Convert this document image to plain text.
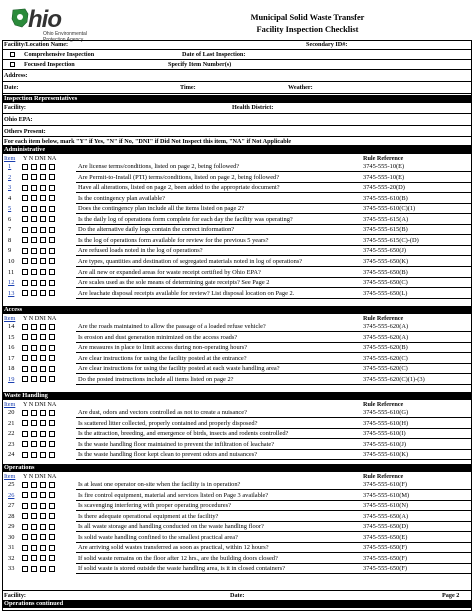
hio
Ohio Environmental
Protection Agency
Municipal Solid Waste Transfer
Facility Inspection Checklist
Facility/Location Name:	Secondary ID#:
Comprehensive Inspection	Date of Last Inspection:
Focused Inspection	Specify Item Number(s)
Address:
Date:	Time:	Weather:
Inspection Representatives
Facility:	Health District:
Ohio EPA:
Others Present:
For each item below, mark "Y" if Yes, "N" if No, "DNI" if Did Not Inspect this item, "NA" if Not Applicable
Administrative
Item Y N DNI NA	Rule Reference
1	Are license terms/conditions, listed on page 2, being followed?	3745-555-10(E)
2	Are Permit-to-Install (PTI) terms/conditions, listed on page 2, being followed?	3745-555-10(E)
3	Have all alterations, listed on page 2, been added to the appropriate document?	3745-555-20(D)
4	Is the contingency plan available?	3745-555-610(B)
5	Does the contingency plan include all the items listed on page 2?	3745-555-610(C)(1)
6	Is the daily log of operations form complete for each day the facility was operating?	3745-555-615(A)
7	Do the alternative daily logs contain the correct information?	3745-555-615(B)
8	Is the log of operations form available for review for the previous 5 years?	3745-555-615(C)-(D)
9	Are refused loads noted in the log of operations?	3745-555-650(J)
10	Are types, quantities and destination of segregated materials noted in log of operations?	3745-555-650(K)
11	Are all new or expanded areas for waste receipt certified by Ohio EPA?	3745-555-650(B)
12	Are scales used as the sole means of determining gate receipts? See Page 2	3745-555-650(C)
13	Are leachate disposal receipts available for review? List disposal location on Page 2.	3745-555-650(L)
Access
Item Y N DNI NA	Rule Reference
14	Are the roads maintained to allow the passage of a loaded refuse vehicle?	3745-555-620(A)
15	Is erosion and dust generation minimized on the access roads?	3745-555-620(A)
16	Are measures in place to limit access during non-operating hours?	3745-555-620(B)
17	Are clear instructions for using the facility posted at the entrance?	3745-555-620(C)
18	Are clear instructions for using the facility posted at each waste handling area?	3745-555-620(C)
19	Do the posted instructions include all items listed on page 2?	3745-555-620(C)(1)-(3)
Waste Handling
Item Y N DNI NA	Rule Reference
20	Are dust, odors and vectors controlled as not to create a nuisance?	3745-555-610(G)
21	Is scattered litter collected, properly contained and properly disposed?	3745-555-610(H)
22	Is the attraction, breeding, and emergence of birds, insects and rodents controlled?	3745-555-610(I)
23	Is the waste handling floor maintained to prevent the infiltration of leachate?	3745-555-610(J)
24	Is the waste handling floor kept clean to prevent odors and nuisances?	3745-555-610(K)
Operations
Item Y N DNI NA	Rule Reference
25	Is at least one operator on-site when the facility is in operation?	3745-555-610(F)
26	Is fire control equipment, material and services listed on Page 3 available?	3745-555-610(M)
27	Is scavenging interfering with proper operating procedures?	3745-555-610(N)
28	Is there adequate operational equipment at the facility?	3745-555-650(A)
29	Is all waste storage and handling conducted on the waste handling floor?	3745-555-650(D)
30	Is solid waste handling confined to the smallest practical area?	3745-555-650(E)
31	Are arriving solid wastes transferred as soon as practical, within 12 hours?	3745-555-650(F)
32	If solid waste remains on the floor after 12 hrs., are the building doors closed?	3745-555-650(F)
33	If solid waste is stored outside the waste handling area, is it in closed containers?	3745-555-650(F)
Facility:	Date:	Page 2
Operations continued
